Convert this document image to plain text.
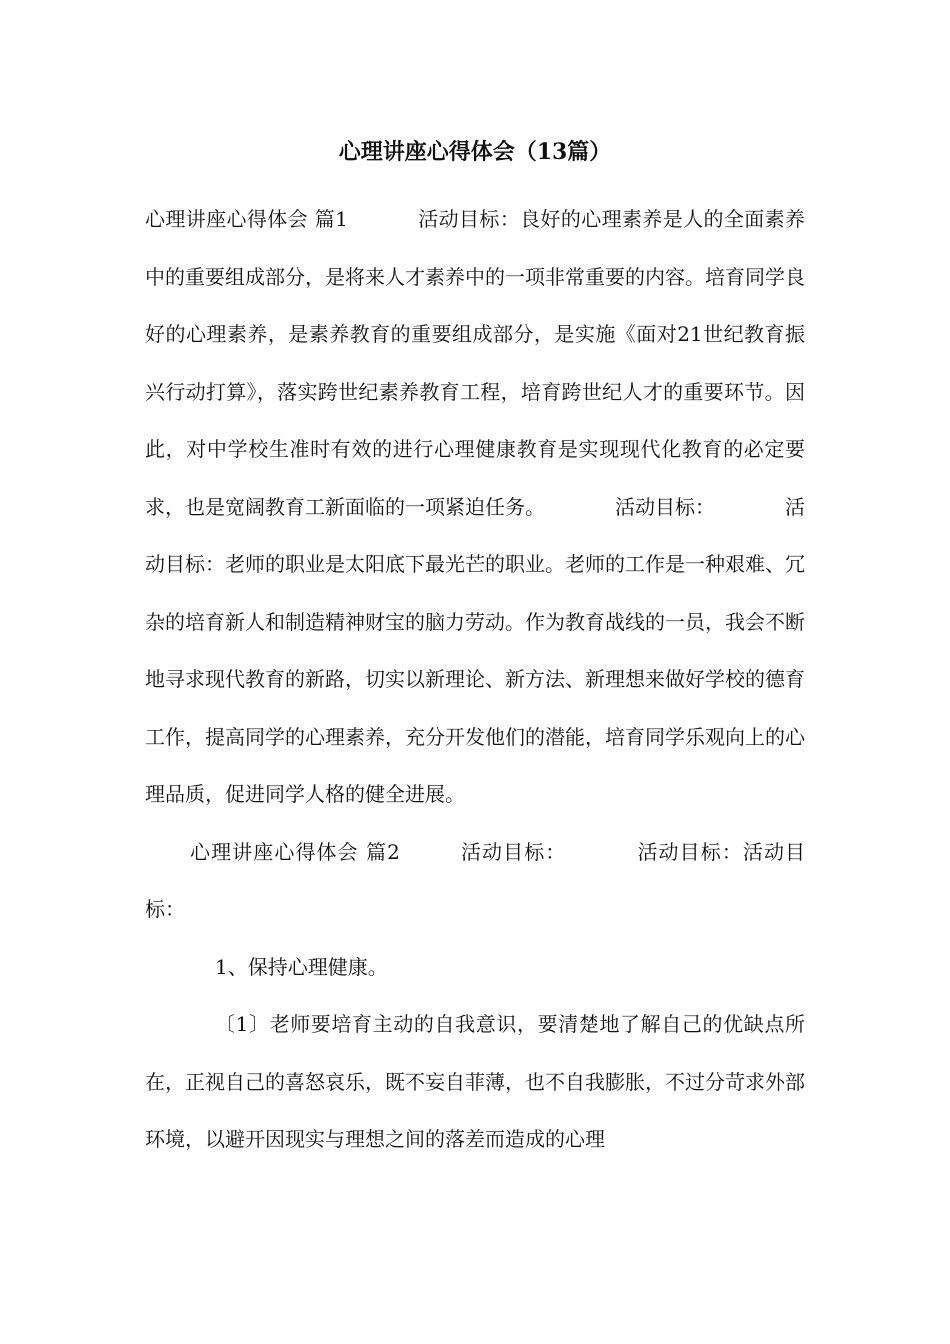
心理讲座心得体会（13篇）

心理讲座心得体会 篇1	活动目标：良好的心理素养是人的全面素养中的重要组成部分，是将来人才素养中的一项非常重要的内容。培育同学良好的心理素养，是素养教育的重要组成部分，是实施《面对21世纪教育振兴行动打算》，落实跨世纪素养教育工程，培育跨世纪人才的重要环节。因此，对中学校生准时有效的进行心理健康教育是实现现代化教育的必定要求，也是宽阔教育工新面临的一项紧迫任务。	活动目标：	活动目标：老师的职业是太阳底下最光芒的职业。老师的工作是一种艰难、冗杂的培育新人和制造精神财宝的脑力劳动。作为教育战线的一员，我会不断地寻求现代教育的新路，切实以新理论、新方法、新理想来做好学校的德育工作，提高同学的心理素养，充分开发他们的潜能，培育同学乐观向上的心理品质，促进同学人格的健全进展。

心理讲座心得体会 篇2	活动目标：	活动目标：活动目标：

1、保持心理健康。

〔1〕老师要培育主动的自我意识，要清楚地了解自己的优缺点所在，正视自己的喜怒哀乐，既不妄自菲薄，也不自我膨胀，不过分苛求外部环境，以避开因现实与理想之间的落差而造成的心理
